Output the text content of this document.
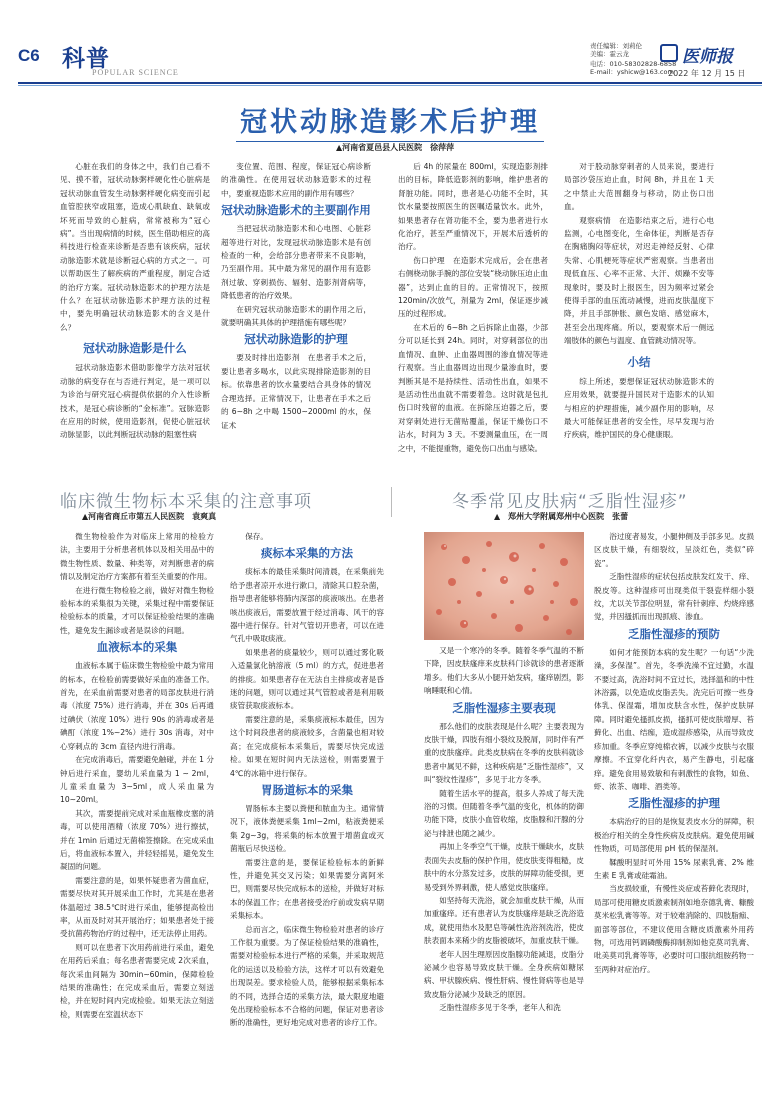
C6 科普
POPULAR SCIENCE
责任编辑：刘莉伦
美编：霍云龙
电话：010-58302828-6858
E-mail：yshicw@163.com
医师报
2022 年 12 月 15 日
冠状动脉造影术后护理
▲河南省夏邑县人民医院　徐萍萍

心脏在我们的身体之中，我们自己看不见、摸不着，冠状动脉粥样硬化性心脏病是冠状动脉血管发生动脉粥样硬化病变而引起血管腔狭窄或阻塞，造成心肌缺血、缺氧或坏死而导致的心脏病，常常被称为“冠心病”。当出现病情的时候，医生借助相应的高科技进行检查来诊断是否患有该疾病，冠状动脉造影术就是诊断冠心病的方式之一。可以帮助医生了解疾病的严重程度，制定合适的治疗方案。冠状动脉造影术的护理方法是什么？在冠状动脉造影术护理方法的过程中，要先明确冠状动脉造影术的含义是什么？

冠状动脉造影是什么

冠状动脉造影术借助影像学方法对冠状动脉的病变存在与否进行判定，是一项可以为诊治与研究冠心病提供依据的介入性诊断技术，是冠心病诊断的“金标准”。冠脉造影在应用的时候，使用造影剂，促使心脏冠状动脉显影，以此判断冠状动脉的阻塞性病

变位置、范围、程度，保证冠心病诊断的准确性。在使用冠状动脉造影术的过程中，要重视造影术应用的副作用有哪些？

冠状动脉造影术的主要副作用

当把冠状动脉造影术和心电图、心脏彩超等进行对比，发现冠状动脉造影术是有创检查的一种，会给部分患者带来不良影响，乃至副作用。其中最为常见的副作用有造影剂过敏、穿刺损伤、辐射、造影剂肾病等，降低患者的治疗效果。

在研究冠状动脉造影术的副作用之后，就要明确其具体的护理措施有哪些呢？

冠状动脉造影的护理

要及时排出造影剂　在患者手术之后，要让患者多喝水，以此实现排除造影剂的目标。依靠患者的饮水量要结合具身体的情况合理选择。正常情况下，让患者在手术之后的 6~8h 之中喝 1500~2000ml 的水，保证术

后 4h 的尿量在 800ml，实现造影剂排出的目标，降低造影剂的影响，维护患者的肾脏功能。同时，患者是心功能不全时，其饮水量要按照医生的医嘱适量饮水。此外，如果患者存在肾功能不全，要为患者进行水化治疗，甚至严重情况下，开展术后透析的治疗。

伤口护理　在造影术完成后，会在患者右侧桡动脉手腕的部位安装“桡动脉压迫止血器”，达到止血的目的。正常情况下，按照 120min/次放气，剂量为 2ml，保证逐步减压的过程形成。

在术后的 6~8h 之后拆除止血器，少部分可以延长到 24h。同时，对穿刺部位的出血情况、血肿、止血器周围的渗血情况等进行观察。当止血器周边出现少量渗血时，要判断其是不是持续性、活动性出血，如果不是活动性出血就不需要着急。这时就是包扎伤口时残留的血液。在拆除压迫器之后，要对穿刺处进行无菌贴覆盖，保证干燥伤口不沾水，时间为 3 天。不要测量血压，在一周之中，不能提重物，避免伤口出血与感染。

对于股动脉穿刺者的人员来说，要进行局部沙袋压迫止血，时间 8h，并且在 1 天之中禁止大范围翻身与移动，防止伤口出血。

观察病情　在造影结束之后，进行心电监测，心电图变化，生命体征，判断是否存在胸痛胸闷等症状，对迟走神经反射、心律失常、心肌梗死等症状严密观察。当患者出现低血压、心率不正常、大汗、烦躁不安等现象时，要及时上报医生，因为频率过紧会使得手部的血压流动减慢，进而皮肤温度下降，并且手部肿胀、颜色发暗、感觉麻木，甚至会出现疼痛。所以，要观察术后一侧远端肢体的颜色与温度、血管跳动情况等。

小结

综上所述，要想保证冠状动脉造影术的应用效果，就要提升国民对于造影术的认知与相应的护理措施，减少副作用的影响，尽最大可能保证患者的安全性，尽早发现与治疗疾病，维护国民的身心健康眼。

临床微生物标本采集的注意事项
▲河南省商丘市第五人民医院　袁爽真

微生物检验作为对临床上常用的检验方法，主要用于分析患者机体以及相关用品中的微生物性质、数量、种类等，对判断患者的病情以及制定治疗方案都有着至关重要的作用。

在进行微生物检验之前，做好对微生物检验标本的采集很为关键，采集过程中需要保证检验标本的质量，才可以保证检验结果的准确性，避免发生漏诊或者是误诊的问题。

血液标本的采集

血液标本属于临床微生物检验中最为常用的标本，在检验前需要做好采血的准备工作。首先，在采血前需要对患者的局部皮肤进行消毒（浓度 75%）进行消毒，并在 30s 后再通过碘伏（浓度 10%）进行 90s 的消毒或者是碘酊（浓度 1%~2%）进行 30s 消毒，对中心穿刺点的 3cm 直径内进行消毒。

在完成消毒后，需要避免触碰，并在 1 分钟后进行采血，婴幼儿采血量为 1 ~ 2ml，儿童采血量为 3~5ml，成人采血量为 10~20ml。

其次，需要提前完成对采血瓶橡皮塞的消毒，可以使用酒精（浓度 70%）进行擦拭，并在 1min 后通过无菌棉签擦除。在完成采血后，将血液标本置入，并轻轻摇晃，避免发生凝固的问题。

需要注意的是，如果怀疑患者为菌血症，需要尽快对其开展采血工作时，尤其是在患者体温超过 38.5℃时进行采血，能够提高检出率，从而及时对其开展治疗；如果患者处于接受抗菌药物治疗的过程中，还无法停止用药。

则可以在患者下次用药前进行采血，避免在用药后采血；每名患者需要完成 2次采血，每次采血间隔为 30min~60min，保障检验结果的准确性；在完成采血后，需要立刻送检，并在短时间内完成检验。如果无法立刻送检，则需要在室温状态下

保存。

痰标本采集的方法

痰标本的最佳采集时间清晨，在采集前先给予患者凉开水进行漱口，清除其口腔杂菌，指导患者能够将肺内深部的痰液咳出。在患者咳出痰液后，需要放置于经过消毒、风干的容器中进行保存。针对气管切开患者，可以在进气孔中吸取痰液。

如果患者的痰量较少，则可以通过雾化吸入适量氯化钠溶液（5 ml）的方式，促进患者的排痰。如果患者存在无法自主排痰或者是昏迷的问题，则可以通过其气管腔或者是利用吸痰管获取痰液标本。

需要注意的是，采集痰液标本最佳，因为这个时间段患者的痰液较多，含菌量也相对较高；在完成痰标本采集后，需要尽快完成送检。如果在短时间内无法送检，则需要置于 4℃的冰箱中进行保存。

胃肠道标本的采集

胃肠标本主要以粪便和脓血为主。通常情况下，液体粪便采集 1ml~2ml，粘液粪便采集 2g~3g，将采集的标本放置于增菌盒或灭菌瓶后尽快送检。

需要注意的是，要保证检验标本的新鲜性，并避免其交叉污染；如果需要分离阿米巴，则需要尽快完成标本的送检，并做好对标本的保温工作；在患者接受治疗前或发病早期采集标本。

总而言之，临床微生物检验对患者的诊疗工作很为重要。为了保证检验结果的准确性，需要对检验标本进行严格的采集，并采取规范化的运送以及检验方法，这样才可以有效避免出现误差。要求检验人员，能够根据采集标本的不同，选择合适的采集方法，最大限度地避免出现检验标本不合格的问题，保证对患者诊断的准确性，更好地完成对患者的诊疗工作。

冬季常见皮肤病“乏脂性湿疹”
▲　郑州大学附属郑州中心医院　张蕾

又是一个寒冷的冬季。随着冬季气温的不断下降，因皮肤瘙痒来皮肤科门诊就诊的患者逐渐增多。他们大多从小腿开始发病，瘙痒剧烈，影响睡眠和心情。

乏脂性湿疹主要表现

那么他们的皮肤表现是什么呢？主要表现为皮肤干燥，四肢有细小裂纹及脱屑，同时伴有严重的皮肤瘙痒。此类皮肤病在冬季的皮肤科就诊患者中属见不鲜，这种疾病是“乏脂性湿疹”，又叫“裂纹性湿疹”，多见于北方冬季。

随着生活水平的提高，很多人养成了每天洗浴的习惯。但随着冬季气温的变化，机体的防御功能下降，皮肤小血管收缩，皮脂腺和汗腺的分泌与排泄也随之减少。

再加上冬季空气干燥，皮肤干燥缺水，皮肤表面失去皮脂的保护作用，使皮肤变得粗糙，皮肤中的水分蒸发过多，皮肤的屏障功能受损，更易受到外界刺激，使人感觉皮肤瘙痒。

如坚持每天洗浴，就会加重皮肤干燥，从而加重瘙痒。还有患者认为皮肤瘙痒是缺乏洗浴造成，就使用热水及肥皂等碱性洗浴剂洗浴，使皮肤表面本来稀少的皮脂被破坏，加重皮肤干燥。

老年人因生理原因皮脂腺功能减退，皮脂分泌减少也容易导致皮肤干燥。全身疾病如糖尿病、甲状腺疾病、慢性肝病、慢性肾病等也是导致皮脂分泌减少及缺乏的原因。

乏脂性湿疹多见于冬季，老年人和洗

浴过度者易发，小腿伸侧及手部多见。皮损区皮肤干燥，有细裂纹，呈淡红色，类似“碎瓷”。

乏脂性湿疹的症状包括皮肤发红发干、痒、脱皮等。这种湿疹可出现类似干裂瓷样细小裂纹，尤以关节部位明显，常有针刺痒、灼烧痒感觉，并因搔抓而出现抓痕、渗血。

乏脂性湿疹的预防

如何才能预防本病的发生呢？一句话“少洗澡，多保湿”。首先，冬季洗澡不宜过勤，水温不要过高，洗浴时间不宜过长，选择温和的中性沐浴露，以免造成皮脂丢失。洗完后可擦一些身体乳、保湿霜，增加皮肤含水性，保护皮肤屏障。同时避免搔抓皮损，搔抓可使皮肤增厚、苔藓化、出血、结痂，造成湿疹感染，从而导致皮疹加重。冬季应穿纯棉衣裤，以减少皮肤与衣服摩擦。不宜穿化纤内衣，易产生静电，引起瘙痒。避免食用易致敏和有刺激性的食物，如鱼、虾、浓茶、咖啡、酒类等。

乏脂性湿疹的护理

本病治疗的目的是恢复表皮水分的屏障，积极治疗相关的全身性疾病及皮肤病。避免使用碱性物质，可局部使用 pH 低的保湿剂。

鞣酸明显时可外用 15% 尿素乳膏、2% 维生素 E 乳膏或硅霜油。

当皮损较重，有慢性炎症或苔藓化表现时，局部可使用糖皮质激素制剂如地奈德乳膏、糠酸莫米松乳膏等等。对于较难消除的、四肢脂痂、面部等部位，不建议使用含糖皮质激素外用药物，可选用钙调磷酸酶抑制剂如他克莫司乳膏、吡美莫司乳膏等等，必要时可口服抗组胺药物一至两种对症治疗。
